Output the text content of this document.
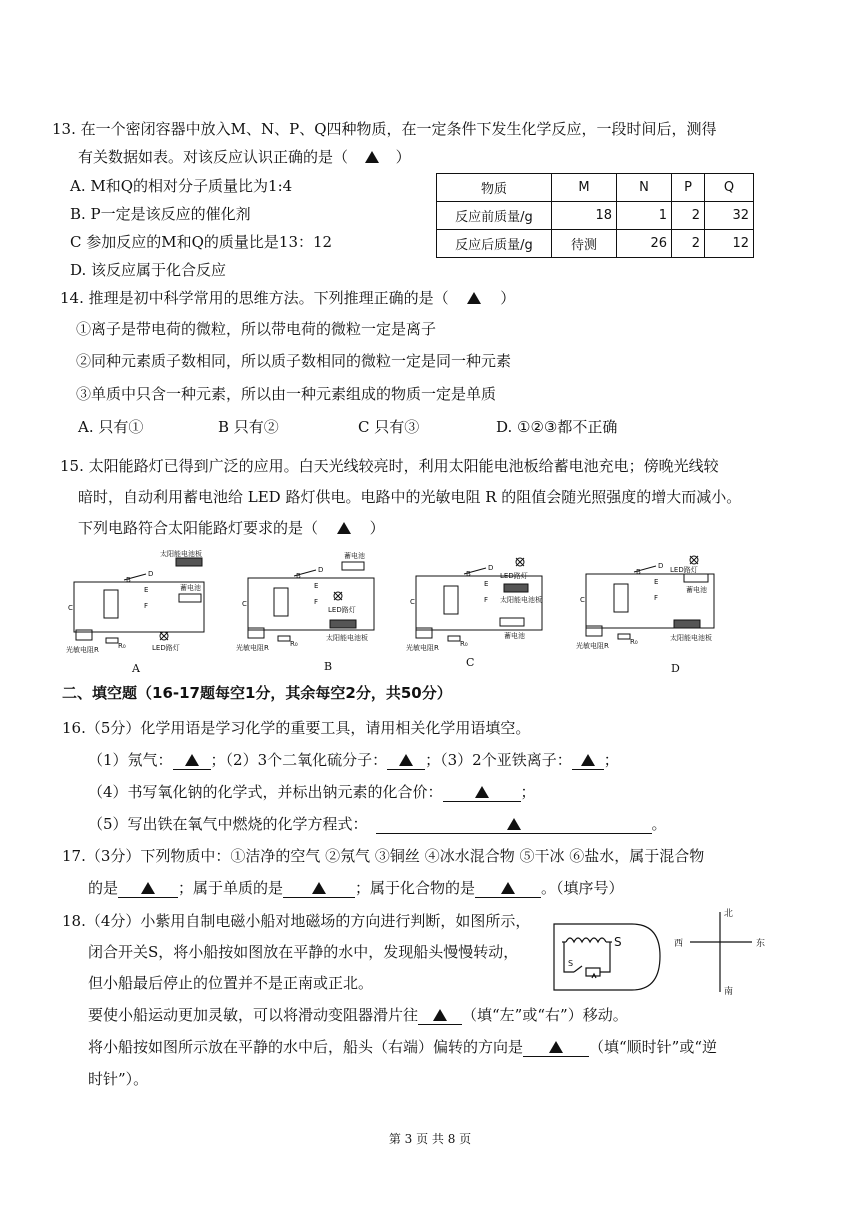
13. 在一个密闭容器中放入M、N、P、Q四种物质，在一定条件下发生化学反应，一段时间后，测得
有关数据如表。对该反应认识正确的是（	）
A. M和Q的相对分子质量比为1:4
B. P一定是该反应的催化剂
C 参加反应的M和Q的质量比是13：12
D. 该反应属于化合反应
物质	M	N	P	Q
反应前质量/g	18	1	2	32
反应后质量/g	待测	26	2	12
14. 推理是初中科学常用的思维方法。下列推理正确的是（	）
①离子是带电荷的微粒，所以带电荷的微粒一定是离子
②同种元素质子数相同，所以质子数相同的微粒一定是同一种元素
③单质中只含一种元素，所以由一种元素组成的物质一定是单质
A. 只有①	B 只有②	C 只有③	D. ①②③都不正确
15. 太阳能路灯已得到广泛的应用。白天光线较亮时，利用太阳能电池板给蓄电池充电；傍晚光线较
暗时，自动利用蓄电池给 LED 路灯供电。电路中的光敏电阻 R 的阻值会随光照强度的增大而减小。
下列电路符合太阳能路灯要求的是（	）
太阳能电池板
蓄电池
LED路灯
光敏电阻R	R₀
C
B
D
E
F
A
蓄电池
LED路灯
太阳能电池板
光敏电阻R	R₀
C
B
D
E
F
B
LED路灯
太阳能电池板
蓄电池
光敏电阻R	R₀
C
B
D
E
F
C
LED路灯
蓄电池
太阳能电池板
光敏电阻R	R₀
C
B
D
E
F
D
二、填空题（16-17题每空1分，其余每空2分，共50分）
16.（5分）化学用语是学习化学的重要工具，请用相关化学用语填空。
（1）氖气：	；（2）3个二氧化硫分子：	；（3）2个亚铁离子： ；
（4）书写氧化钠的化学式，并标出钠元素的化合价：	；
（5）写出铁在氧气中燃烧的化学方程式：	。
17.（3分）下列物质中：①洁净的空气 ②氖气 ③铜丝 ④冰水混合物 ⑤干冰 ⑥盐水，属于混合物
的是	；属于单质的是	；属于化合物的是	。（填序号）
18.（4分）小紫用自制电磁小船对地磁场的方向进行判断，如图所示，
闭合开关S，将小船按如图放在平静的水中，发现船头慢慢转动，
但小船最后停止的位置并不是正南或正北。
要使小船运动更加灵敏，可以将滑动变阻器滑片往	（填“左”或“右”）移动。
将小船按如图所示放在平静的水中后，船头（右端）偏转的方向是	（填“顺时针”或“逆
时针”）。
S
S
北
南
西	东
第 3 页 共 8 页
